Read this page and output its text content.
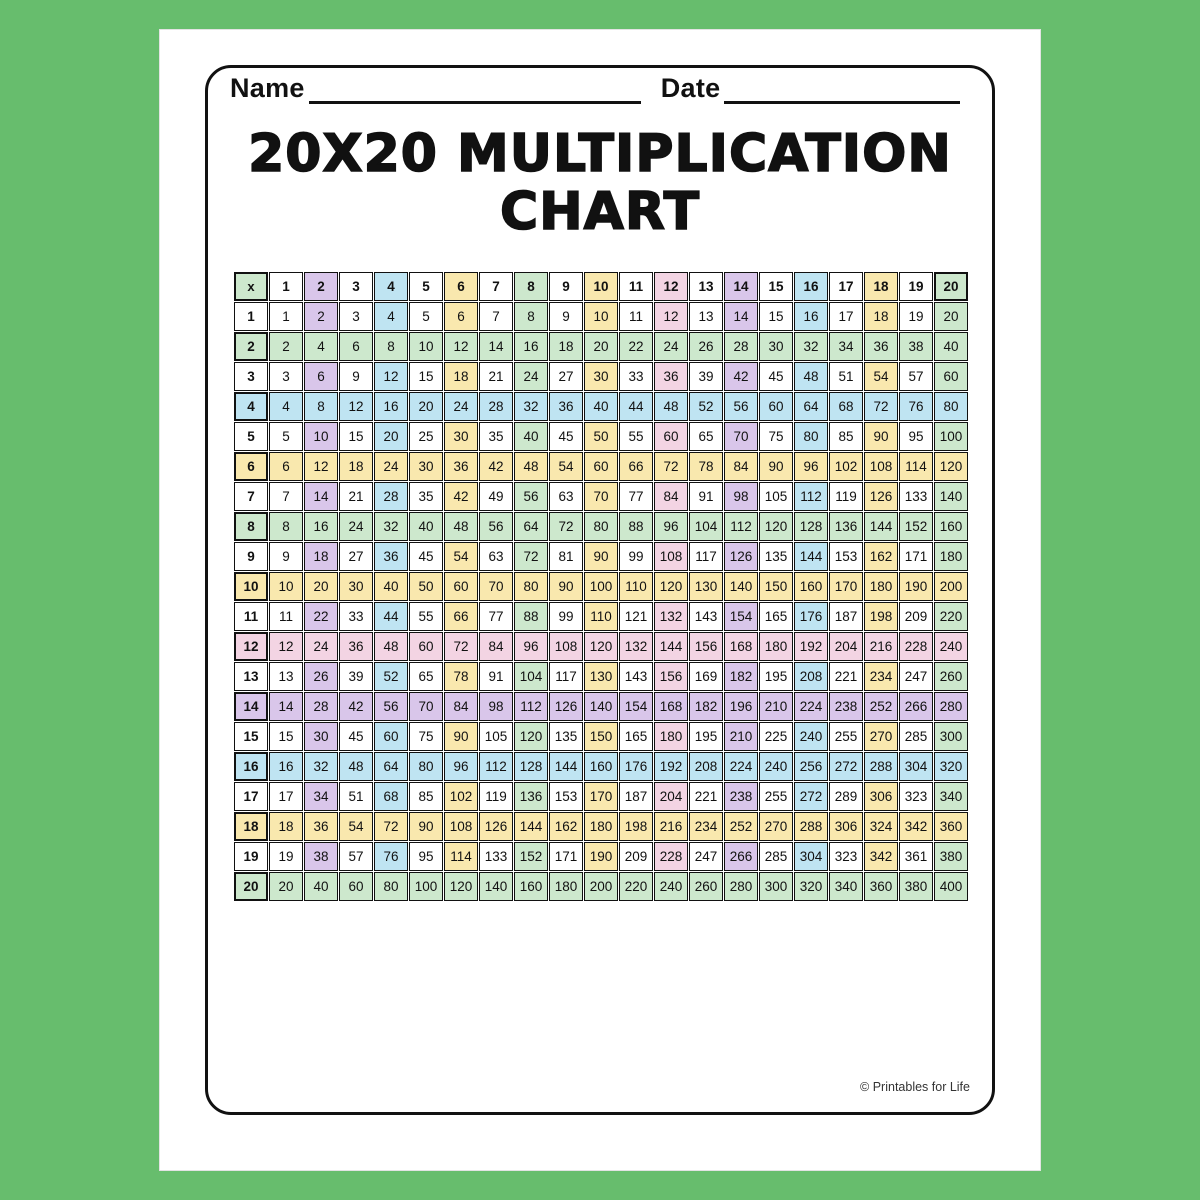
Name	Date
20X20 MULTIPLICATION
CHART
x	1	2	3	4	5	6	7	8	9	10	11	12	13	14	15	16	17	18	19	20
1	1	2	3	4	5	6	7	8	9	10	11	12	13	14	15	16	17	18	19	20
2	2	4	6	8	10	12	14	16	18	20	22	24	26	28	30	32	34	36	38	40
3	3	6	9	12	15	18	21	24	27	30	33	36	39	42	45	48	51	54	57	60
4	4	8	12	16	20	24	28	32	36	40	44	48	52	56	60	64	68	72	76	80
5	5	10	15	20	25	30	35	40	45	50	55	60	65	70	75	80	85	90	95	100
6	6	12	18	24	30	36	42	48	54	60	66	72	78	84	90	96	102	108	114	120
7	7	14	21	28	35	42	49	56	63	70	77	84	91	98	105	112	119	126	133	140
8	8	16	24	32	40	48	56	64	72	80	88	96	104	112	120	128	136	144	152	160
9	9	18	27	36	45	54	63	72	81	90	99	108	117	126	135	144	153	162	171	180
10	10	20	30	40	50	60	70	80	90	100	110	120	130	140	150	160	170	180	190	200
11	11	22	33	44	55	66	77	88	99	110	121	132	143	154	165	176	187	198	209	220
12	12	24	36	48	60	72	84	96	108	120	132	144	156	168	180	192	204	216	228	240
13	13	26	39	52	65	78	91	104	117	130	143	156	169	182	195	208	221	234	247	260
14	14	28	42	56	70	84	98	112	126	140	154	168	182	196	210	224	238	252	266	280
15	15	30	45	60	75	90	105	120	135	150	165	180	195	210	225	240	255	270	285	300
16	16	32	48	64	80	96	112	128	144	160	176	192	208	224	240	256	272	288	304	320
17	17	34	51	68	85	102	119	136	153	170	187	204	221	238	255	272	289	306	323	340
18	18	36	54	72	90	108	126	144	162	180	198	216	234	252	270	288	306	324	342	360
19	19	38	57	76	95	114	133	152	171	190	209	228	247	266	285	304	323	342	361	380
20	20	40	60	80	100	120	140	160	180	200	220	240	260	280	300	320	340	360	380	400
© Printables for Life
